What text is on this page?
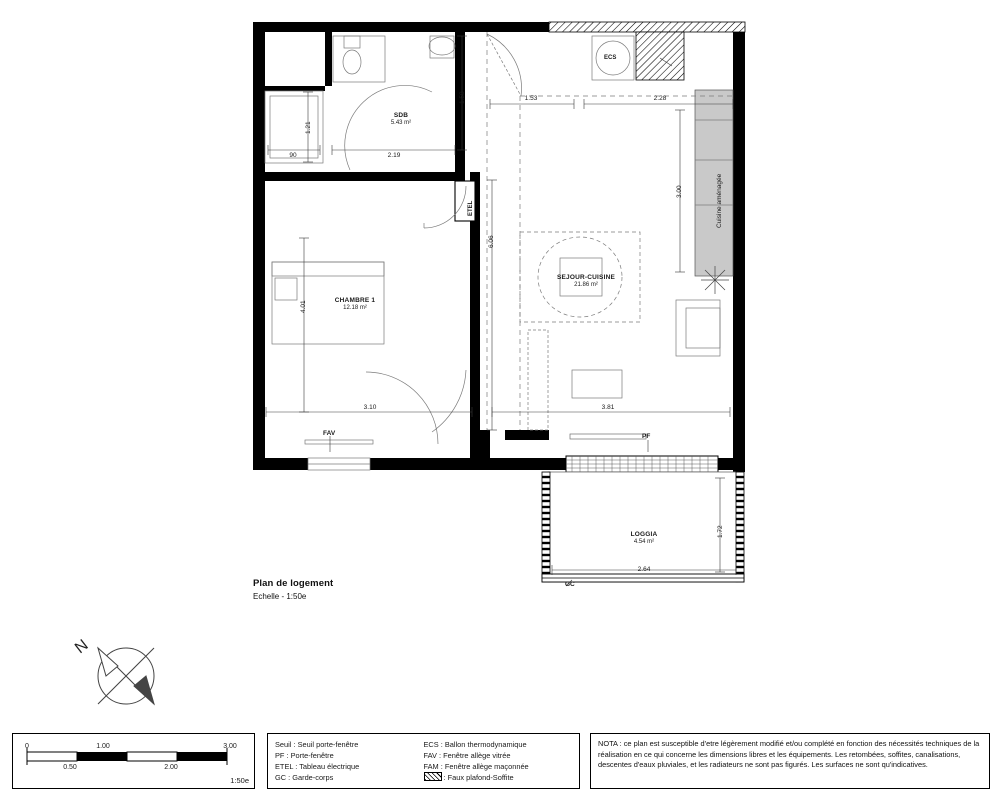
SDB
5.43 m²
CHAMBRE 1
12.18 m²
SEJOUR-CUISINE
21.86 m²
LOGGIA
4.54 m²
Cuisine aménagée
ETEL
ECS
FAV	PF
GC
1.21
90	2.19
1.58	1.53	2.28
3.00
6.06
4.01
3.10	3.81
1.72
2.64
Plan de logement
Echelle - 1:50e
N
0	1.00	3.00
0.50	2.00
1:50e
Seuil : Seuil porte-fenêtre
PF : Porte-fenêtre
ETEL : Tableau électrique
GC : Garde-corps
ECS : Ballon thermodynamique
FAV : Fenêtre allège vitrée
FAM : Fenêtre allège maçonnée
: Faux plafond-Soffite
NOTA : ce plan est susceptible d'etre légèrement modifié et/ou complété en fonction des nécessités techniques de la réalisation en ce qui concerne les dimensions libres et les équipements. Les retombées, soffites, canalisations, descentes d'eaux pluviales, et les radiateurs ne sont pas figurés. Les surfaces ne sont qu'indicatives.
